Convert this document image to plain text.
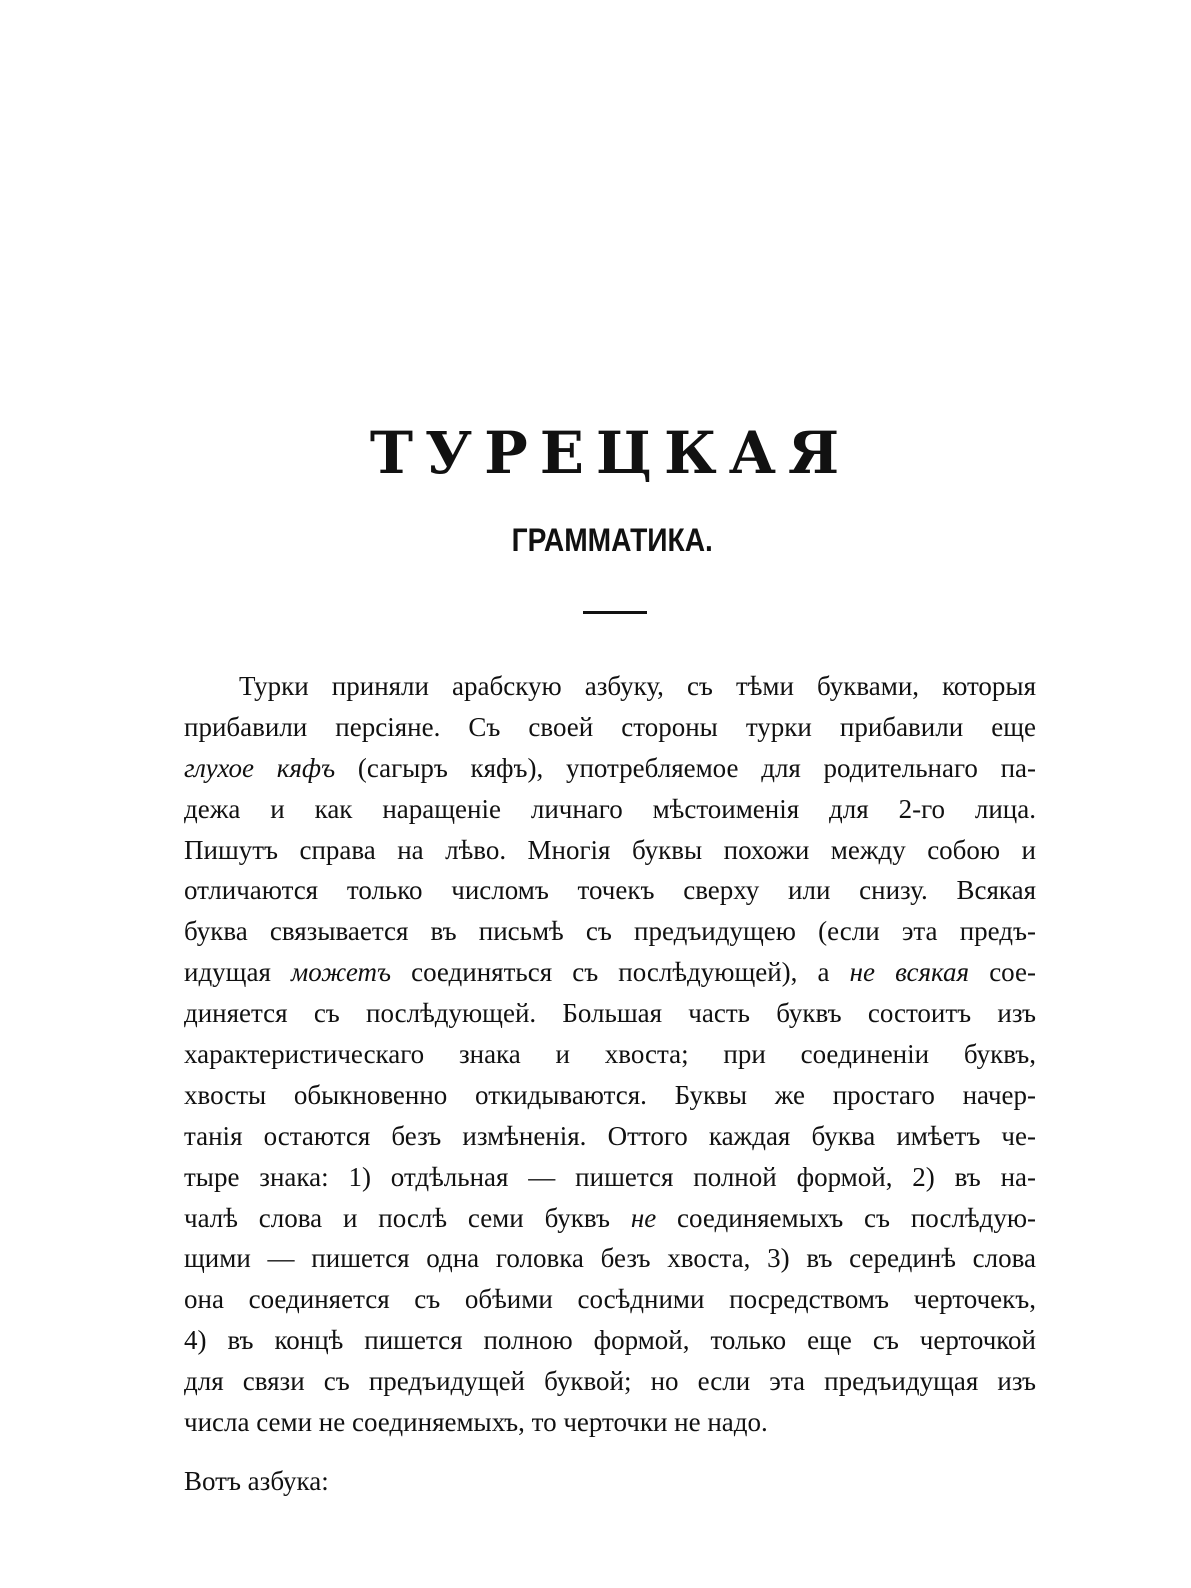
ТУРЕЦКАЯ
ГРАММАТИКА.
Турки приняли арабскую азбуку, съ тѣми буквами, которыя
прибавили персіяне. Съ своей стороны турки прибавили еще
глухое кяфъ (сагыръ кяфъ), употребляемое для родительнаго па-
дежа и как наращеніе личнаго мѣстоименія для 2-го лица.
Пишутъ справа на лѣво. Многія буквы похожи между собою и
отличаются только числомъ точекъ сверху или снизу. Всякая
буква связывается въ письмѣ съ предъидущею (если эта предъ-
идущая можетъ соединяться съ послѣдующей), а не всякая сое-
диняется съ послѣдующей. Большая часть буквъ состоитъ изъ
характеристическаго знака и хвоста; при соединеніи буквъ,
хвосты обыкновенно откидываются. Буквы же простаго начер-
танія остаются безъ измѣненія. Оттого каждая буква имѣетъ че-
тыре знака: 1) отдѣльная — пишется полной формой, 2) въ на-
чалѣ слова и послѣ семи буквъ не соединяемыхъ съ послѣдую-
щими — пишется одна головка безъ хвоста, 3) въ серединѣ слова
она соединяется съ обѣими сосѣдними посредствомъ черточекъ,
4) въ концѣ пишется полною формой, только еще съ черточкой
для связи съ предъидущей буквой; но если эта предъидущая изъ
числа семи не соединяемыхъ, то черточки не надо.

Вотъ азбука:
